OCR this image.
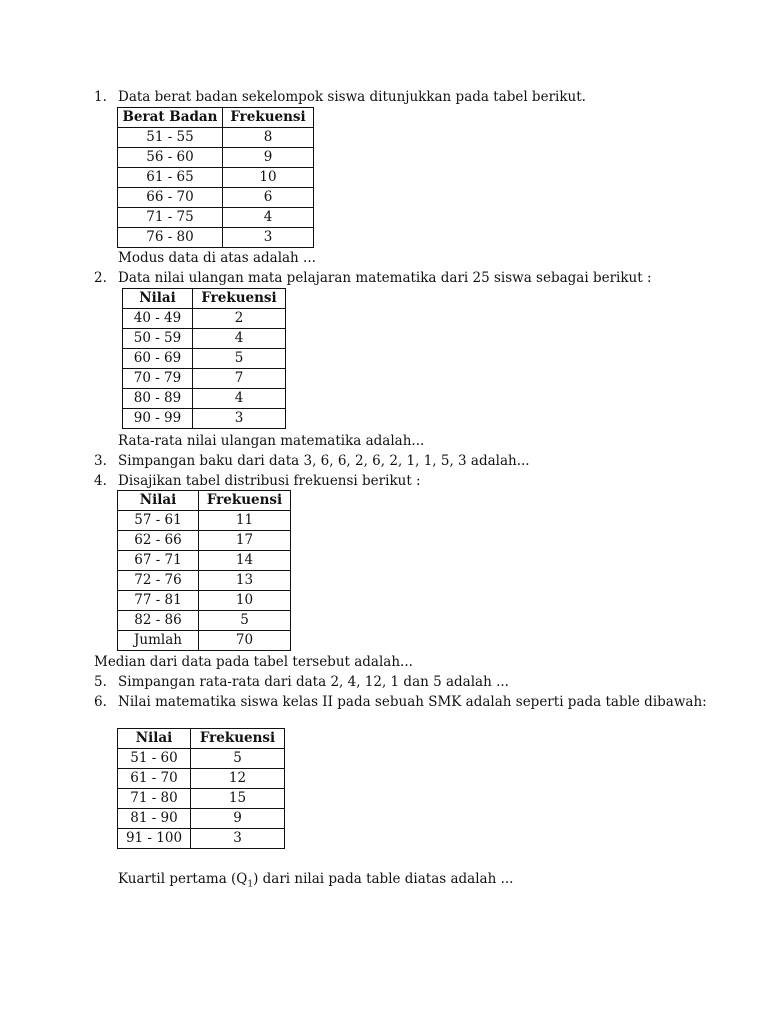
1. Data berat badan sekelompok siswa ditunjukkan pada tabel berikut.
Berat Badan	Frekuensi
51 - 55	8
56 - 60	9
61 - 65	10
66 - 70	6
71 - 75	4
76 - 80	3
Modus data di atas adalah ...
2. Data nilai ulangan mata pelajaran matematika dari 25 siswa sebagai berikut :
Nilai	Frekuensi
40 - 49	2
50 - 59	4
60 - 69	5
70 - 79	7
80 - 89	4
90 - 99	3
Rata-rata nilai ulangan matematika adalah...
3. Simpangan baku dari data 3, 6, 6, 2, 6, 2, 1, 1, 5, 3 adalah...
4. Disajikan tabel distribusi frekuensi berikut :
Nilai	Frekuensi
57 - 61	11
62 - 66	17
67 - 71	14
72 - 76	13
77 - 81	10
82 - 86	5
Jumlah	70
Median dari data pada tabel tersebut adalah...
5. Simpangan rata-rata dari data 2, 4, 12, 1 dan 5 adalah ...
6. Nilai matematika siswa kelas II pada sebuah SMK adalah seperti pada table dibawah:
Nilai	Frekuensi
51 - 60	5
61 - 70	12
71 - 80	15
81 - 90	9
91 - 100	3
Kuartil pertama $(Q_1)$ dari nilai pada table diatas adalah ...
